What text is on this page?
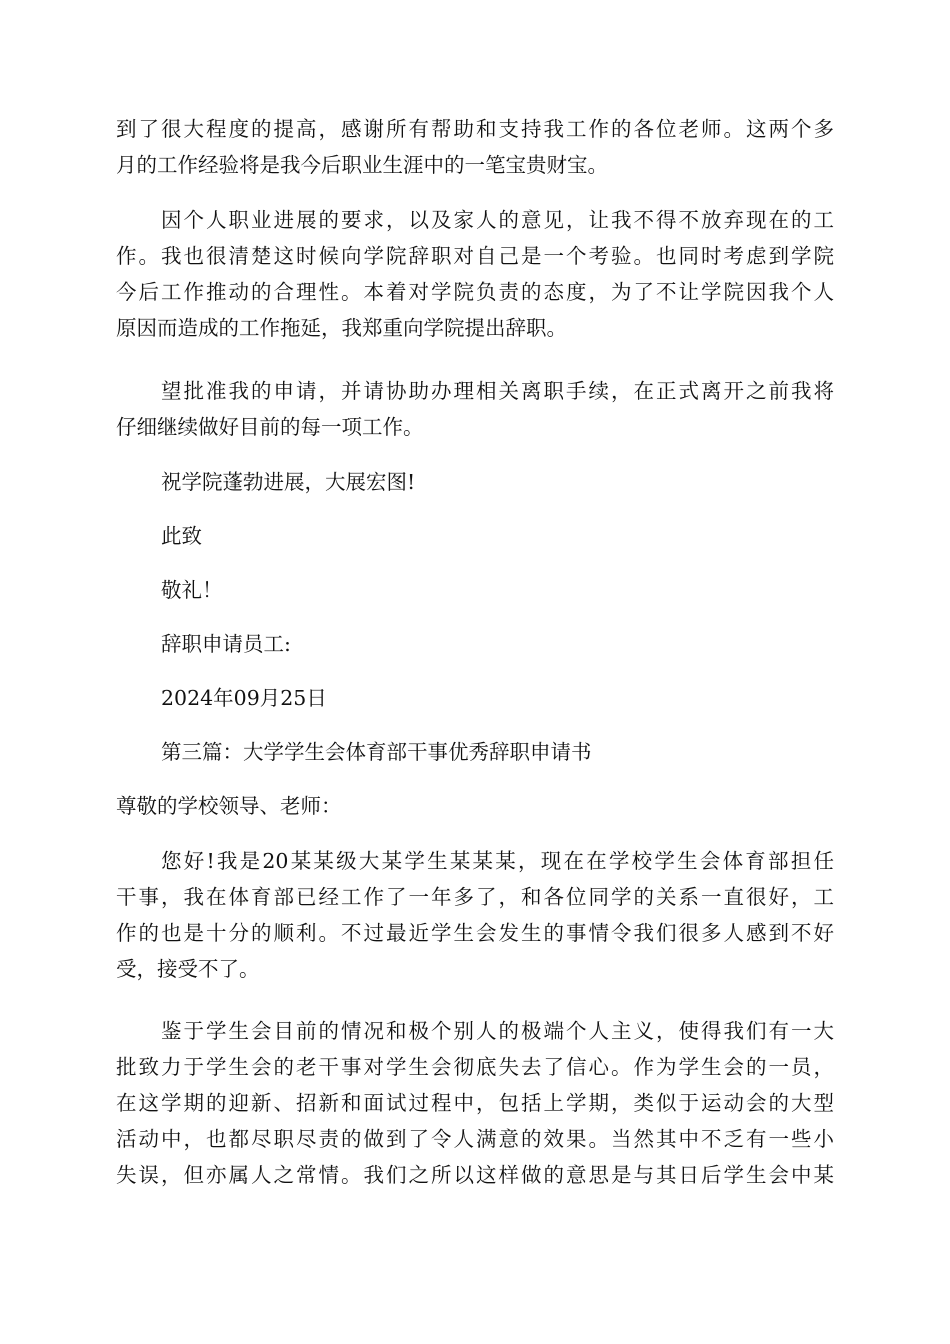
到了很大程度的提高，感谢所有帮助和支持我工作的各位老师。这两个多
月的工作经验将是我今后职业生涯中的一笔宝贵财宝。
因个人职业进展的要求，以及家人的意见，让我不得不放弃现在的工
作。我也很清楚这时候向学院辞职对自己是一个考验。也同时考虑到学院
今后工作推动的合理性。本着对学院负责的态度，为了不让学院因我个人
原因而造成的工作拖延，我郑重向学院提出辞职。
望批准我的申请，并请协助办理相关离职手续，在正式离开之前我将
仔细继续做好目前的每一项工作。

祝学院蓬勃进展，大展宏图!

此致

敬礼！

辞职申请员工:

2024年09月25日

第三篇：大学学生会体育部干事优秀辞职申请书

尊敬的学校领导、老师：

您好!我是20某某级大某学生某某某，现在在学校学生会体育部担任
干事，我在体育部已经工作了一年多了，和各位同学的关系一直很好，工
作的也是十分的顺利。不过最近学生会发生的事情令我们很多人感到不好
受，接受不了。
鉴于学生会目前的情况和极个别人的极端个人主义，使得我们有一大
批致力于学生会的老干事对学生会彻底失去了信心。作为学生会的一员，
在这学期的迎新、招新和面试过程中，包括上学期，类似于运动会的大型
活动中，也都尽职尽责的做到了令人满意的效果。当然其中不乏有一些小
失误，但亦属人之常情。我们之所以这样做的意思是与其日后学生会中某
